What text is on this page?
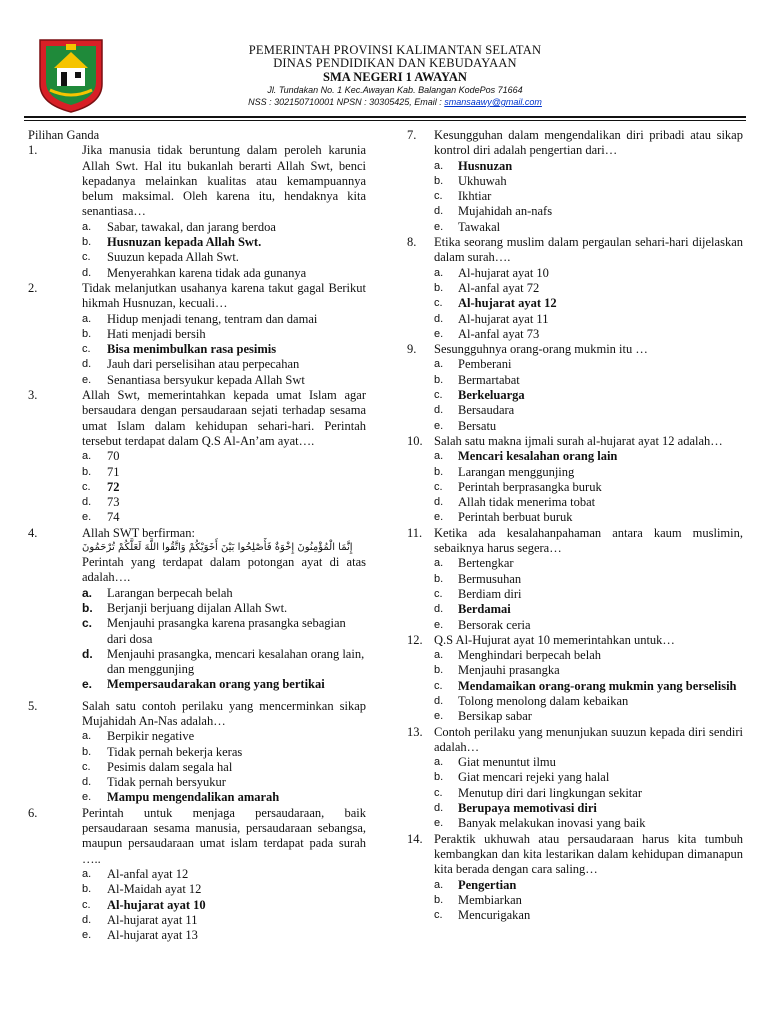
PEMERINTAH PROVINSI KALIMANTAN SELATAN
DINAS PENDIDIKAN DAN KEBUDAYAAN
SMA NEGERI 1 AWAYAN
Jl. Tundakan No. 1 Kec.Awayan Kab. Balangan KodePos 71664
NSS : 302150710001 NPSN : 30305425, Email : smansaawy@gmail.com
Pilihan Ganda
1.	Jika manusia tidak beruntung dalam peroleh karunia Allah Swt. Hal itu bukanlah berarti Allah Swt, benci kepadanya melainkan kualitas atau kemampuannya belum maksimal. Oleh karena itu, hendaknya kita senantiasa…
a. Sabar, tawakal, dan jarang berdoa
b. Husnuzan kepada Allah Swt.
c. Suuzun kepada Allah Swt.
d. Menyerahkan karena tidak ada gunanya
2.	Tidak melanjutkan usahanya karena takut gagal Berikut hikmah Husnuzan, kecuali…
a. Hidup menjadi tenang, tentram dan damai
b. Hati menjadi bersih
c. Bisa menimbulkan rasa pesimis
d. Jauh dari perselisihan atau perpecahan
e. Senantiasa bersyukur kepada Allah Swt
3.	Allah Swt, memerintahkan kepada umat Islam agar bersaudara dengan persaudaraan sejati terhadap sesama umat Islam dalam kehidupan sehari-hari. Perintah tersebut terdapat dalam Q.S Al-An’am ayat….
a. 70
b. 71
c. 72
d. 73
e. 74
4.	Allah SWT berfirman:
إِنَّمَا الْمُؤْمِنُونَ إِخْوَةٌ فَأَصْلِحُوا بَيْنَ أَخَوَيْكُمْ وَاتَّقُوا اللَّهَ لَعَلَّكُمْ تُرْحَمُونَ
Perintah yang terdapat dalam potongan ayat di atas adalah….
a. Larangan berpecah belah
b. Berjanji berjuang dijalan Allah Swt.
c. Menjauhi prasangka karena prasangka sebagian dari dosa
d. Menjauhi prasangka, mencari kesalahan orang lain, dan menggunjing
e. Mempersaudarakan orang yang bertikai
5.	Salah satu contoh perilaku yang mencerminkan sikap Mujahidah An-Nas adalah…
a. Berpikir negative
b. Tidak pernah bekerja keras
c. Pesimis dalam segala hal
d. Tidak pernah bersyukur
e. Mampu mengendalikan amarah
6.	Perintah untuk menjaga persaudaraan, baik persaudaraan sesama manusia, persaudaraan sebangsa, maupun persaudaraan umat islam terdapat pada surah …..
a. Al-anfal ayat 12
b. Al-Maidah ayat 12
c. Al-hujarat ayat 10
d. Al-hujarat ayat 11
e. Al-hujarat ayat 13
7. Kesungguhan dalam mengendalikan diri pribadi atau sikap kontrol diri adalah pengertian dari…
a. Husnuzan
b. Ukhuwah
c. Ikhtiar
d. Mujahidah an-nafs
e. Tawakal
8. Etika seorang muslim dalam pergaulan sehari-hari dijelaskan dalam surah….
a. Al-hujarat ayat 10
b. Al-anfal ayat 72
c. Al-hujarat ayat 12
d. Al-hujarat ayat 11
e. Al-anfal ayat 73
9. Sesungguhnya orang-orang mukmin itu …
a. Pemberani
b. Bermartabat
c. Berkeluarga
d. Bersaudara
e. Bersatu
10. Salah satu makna ijmali surah al-hujarat ayat 12 adalah…
a. Mencari kesalahan orang lain
b. Larangan menggunjing
c. Perintah berprasangka buruk
d. Allah tidak menerima tobat
e. Perintah berbuat buruk
11. Ketika ada kesalahanpahaman antara kaum muslimin, sebaiknya harus segera…
a. Bertengkar
b. Bermusuhan
c. Berdiam diri
d. Berdamai
e. Bersorak ceria
12. Q.S Al-Hujurat ayat 10 memerintahkan untuk…
a. Menghindari berpecah belah
b. Menjauhi prasangka
c. Mendamaikan orang-orang mukmin yang berselisih
d. Tolong menolong dalam kebaikan
e. Bersikap sabar
13. Contoh perilaku yang menunjukan suuzun kepada diri sendiri adalah…
a. Giat menuntut ilmu
b. Giat mencari rejeki yang halal
c. Menutup diri dari lingkungan sekitar
d. Berupaya memotivasi diri
e. Banyak melakukan inovasi yang baik
14. Peraktik ukhuwah atau persaudaraan harus kita tumbuh kembangkan dan kita lestarikan dalam kehidupan dimanapun kita berada dengan cara saling…
a. Pengertian
b. Membiarkan
c. Mencurigakan
